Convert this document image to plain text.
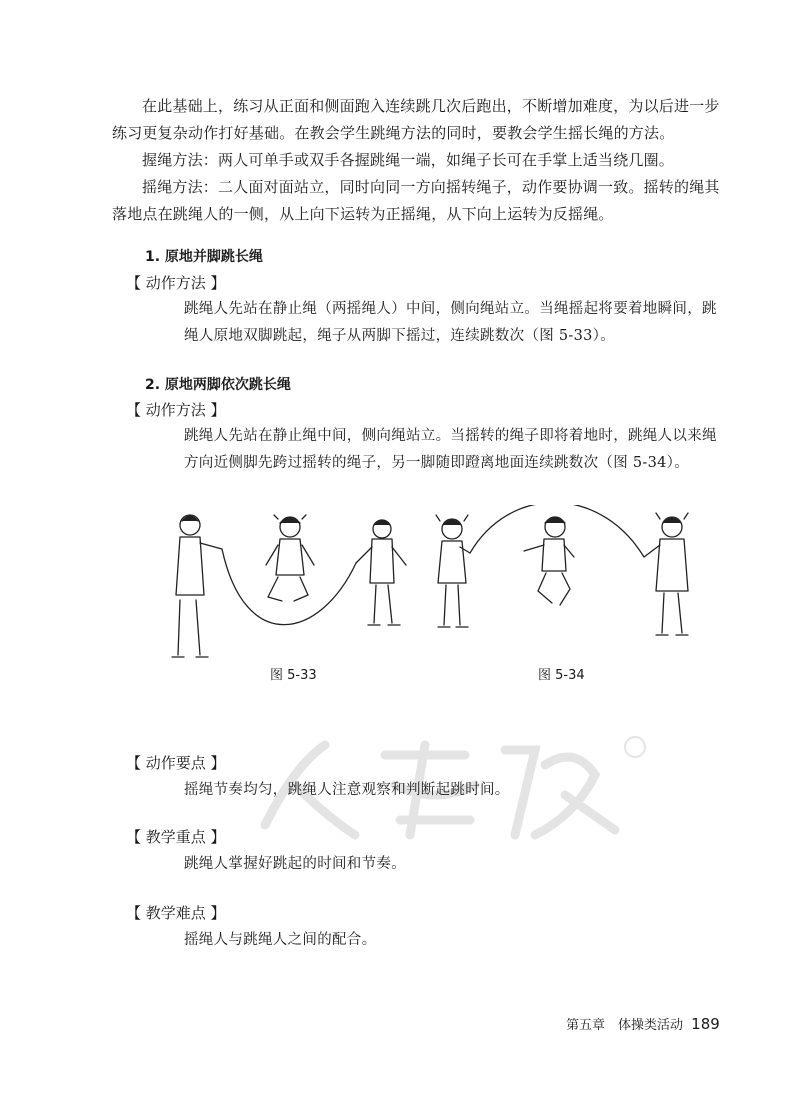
在此基础上，练习从正面和侧面跑入连续跳几次后跑出，不断增加难度，为以后进一步练习更复杂动作打好基础。在教会学生跳绳方法的同时，要教会学生摇长绳的方法。

握绳方法：两人可单手或双手各握跳绳一端，如绳子长可在手掌上适当绕几圈。

摇绳方法：二人面对面站立，同时向同一方向摇转绳子，动作要协调一致。摇转的绳其落地点在跳绳人的一侧，从上向下运转为正摇绳，从下向上运转为反摇绳。

1. 原地并脚跳长绳

【 动作方法 】

跳绳人先站在静止绳（两摇绳人）中间，侧向绳站立。当绳摇起将要着地瞬间，跳绳人原地双脚跳起，绳子从两脚下摇过，连续跳数次（图 5-33）。

2. 原地两脚依次跳长绳

【 动作方法 】

跳绳人先站在静止绳中间，侧向绳站立。当摇转的绳子即将着地时，跳绳人以来绳方向近侧脚先跨过摇转的绳子，另一脚随即蹬离地面连续跳数次（图 5-34）。

图 5-33	图 5-34

【 动作要点 】

摇绳节奏均匀，跳绳人注意观察和判断起跳时间。

【 教学重点 】

跳绳人掌握好跳起的时间和节奏。

【 教学难点 】

摇绳人与跳绳人之间的配合。

第五章　体操类活动 189
